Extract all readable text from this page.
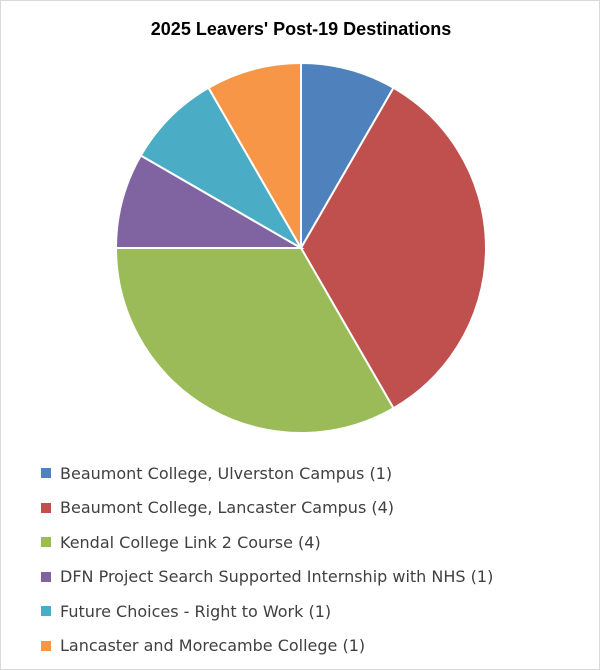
2025 Leavers' Post-19 Destinations
Beaumont College, Ulverston Campus (1)
Beaumont College, Lancaster Campus (4)
Kendal College Link 2 Course (4)
DFN Project Search Supported Internship with NHS (1)
Future Choices - Right to Work (1)
Lancaster and Morecambe College (1)
